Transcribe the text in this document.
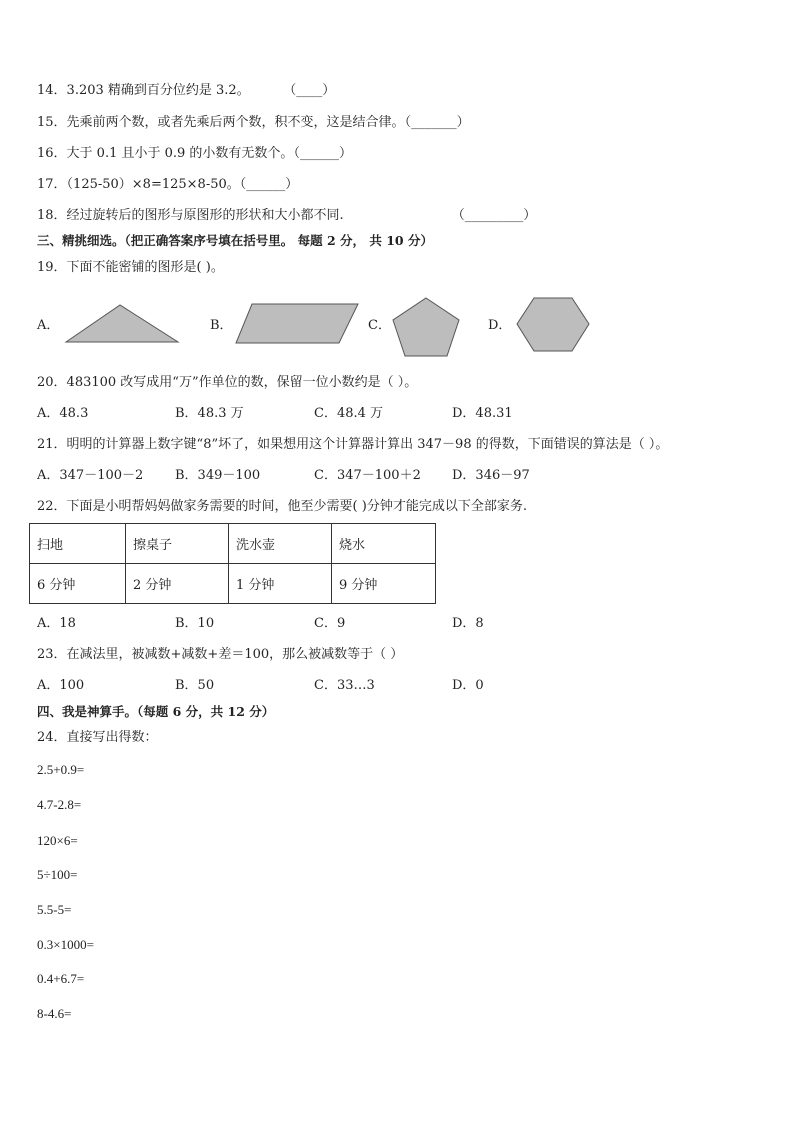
14．3.203 精确到百分位约是 3.2。	（____）
15．先乘前两个数，或者先乘后两个数，积不变，这是结合律。（_______）
16．大于 0.1 且小于 0.9 的小数有无数个。（______）
17．（125-50）×8=125×8-50。（______）
18．经过旋转后的图形与原图形的形状和大小都不同.	（_________）
三、精挑细选。（把正确答案序号填在括号里。 每题 2 分， 共 10 分）
19．下面不能密铺的图形是( )。
A．	B．	C．	D．
20．483100 改写成用“万”作单位的数，保留一位小数约是（ ）。
A．48.3	B．48.3 万	C．48.4 万	D．48.31
21．明明的计算器上数字键“8”坏了，如果想用这个计算器计算出 347－98 的得数，下面错误的算法是（ ）。
A．347－100－2 B．349－100	C．347－100＋2 D．346－97
22．下面是小明帮妈妈做家务需要的时间，他至少需要( )分钟才能完成以下全部家务.
扫地	擦桌子	洗水壶	烧水
6 分钟	2 分钟	1 分钟	9 分钟
A．18	B．10	C．9	D．8
23．在减法里，被减数+减数+差＝100，那么被减数等于（ ）
A．100	B．50	C．33…3	D．0
四、我是神算手。（每题 6 分，共 12 分）
24．直接写出得数：
2.5+0.9=
4.7-2.8=
120×6=
5÷100=
5.5-5=
0.3×1000=
0.4+6.7=
8-4.6=
